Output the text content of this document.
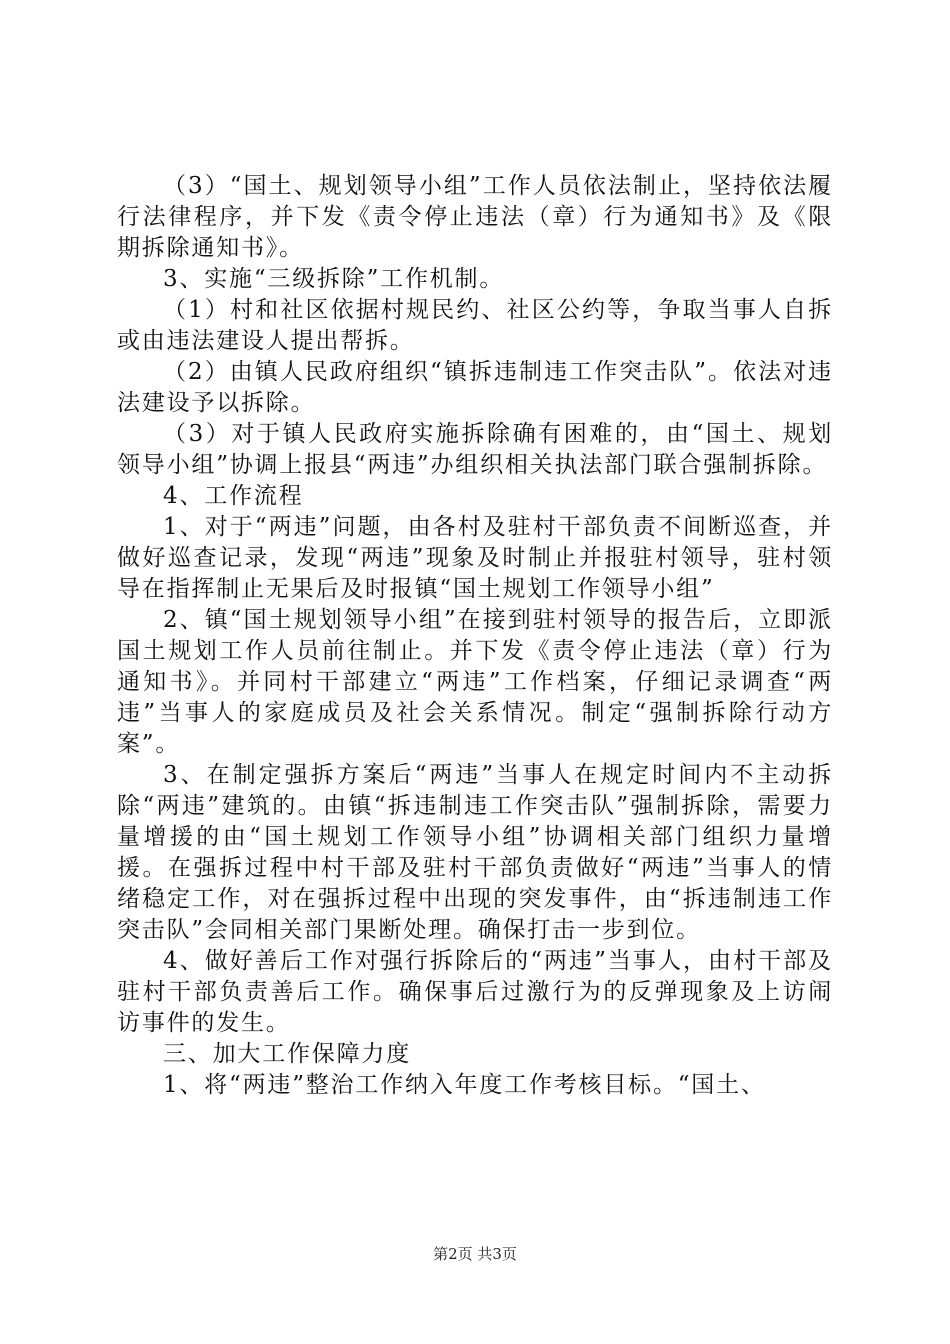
（3）“国土、规划领导小组”工作人员依法制止，坚持依法履行法律程序，并下发《责令停止违法（章）行为通知书》及《限期拆除通知书》。

3、实施“三级拆除”工作机制。

（1）村和社区依据村规民约、社区公约等，争取当事人自拆或由违法建设人提出帮拆。

（2）由镇人民政府组织“镇拆违制违工作突击队”。依法对违法建设予以拆除。

（3）对于镇人民政府实施拆除确有困难的，由“国土、规划领导小组”协调上报县“两违”办组织相关执法部门联合强制拆除。

4、工作流程

1、对于“两违”问题，由各村及驻村干部负责不间断巡查，并做好巡查记录，发现“两违”现象及时制止并报驻村领导，驻村领导在指挥制止无果后及时报镇“国土规划工作领导小组”

2、镇“国土规划领导小组”在接到驻村领导的报告后，立即派国土规划工作人员前往制止。并下发《责令停止违法（章）行为通知书》。并同村干部建立“两违”工作档案，仔细记录调查“两违”当事人的家庭成员及社会关系情况。制定“强制拆除行动方案”。

3、在制定强拆方案后“两违”当事人在规定时间内不主动拆除“两违”建筑的。由镇“拆违制违工作突击队”强制拆除，需要力量增援的由“国土规划工作领导小组”协调相关部门组织力量增援。在强拆过程中村干部及驻村干部负责做好“两违”当事人的情绪稳定工作，对在强拆过程中出现的突发事件，由“拆违制违工作突击队”会同相关部门果断处理。确保打击一步到位。

4、做好善后工作对强行拆除后的“两违”当事人，由村干部及驻村干部负责善后工作。确保事后过激行为的反弹现象及上访闹访事件的发生。

三、加大工作保障力度

1、将“两违”整治工作纳入年度工作考核目标。“国土、

第2页 共3页
